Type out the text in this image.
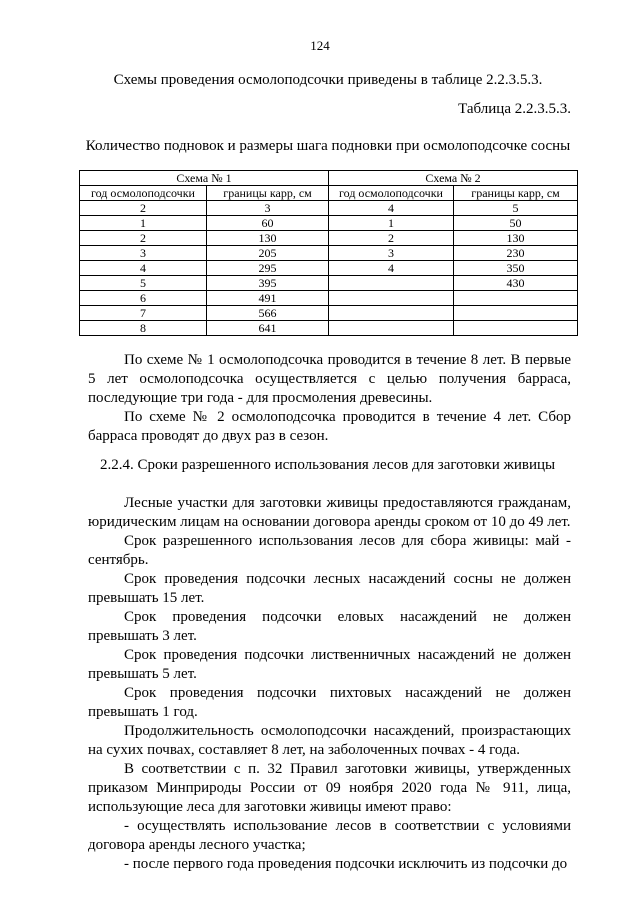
124
Схемы проведения осмолоподсочки приведены в таблице 2.2.3.5.3.
Таблица 2.2.3.5.3.
Количество подновок и размеры шага подновки при осмолоподсочке сосны
Схема № 1		Схема № 2	
год осмолоподсочки	границы карр, см	год осмолоподсочки	границы карр, см
2	3	4	5
1	60	1	50
2	130	2	130
3	205	3	230
4	295	4	350
5	395		430
6	491		
7	566		
8	641		

По схеме № 1 осмолоподсочка проводится в течение 8 лет. В первые 5 лет осмолоподсочка осуществляется с целью получения барраса, последующие три года - для просмоления древесины.

По схеме № 2 осмолоподсочка проводится в течение 4 лет. Сбор барраса проводят до двух раз в сезон.

2.2.4. Сроки разрешенного использования лесов для заготовки живицы

Лесные участки для заготовки живицы предоставляются гражданам, юридическим лицам на основании договора аренды сроком от 10 до 49 лет.

Срок разрешенного использования лесов для сбора живицы: май - сентябрь.

Срок проведения подсочки лесных насаждений сосны не должен превышать 15 лет.

Срок проведения подсочки еловых насаждений не должен превышать 3 лет.

Срок проведения подсочки лиственничных насаждений не должен превышать 5 лет.

Срок проведения подсочки пихтовых насаждений не должен превышать 1 год.

Продолжительность осмолоподсочки насаждений, произрастающих на сухих почвах, составляет 8 лет, на заболоченных почвах - 4 года.

В соответствии с п. 32 Правил заготовки живицы, утвержденных приказом Минприроды России от 09 ноября 2020 года № 911, лица, использующие леса для заготовки живицы имеют право:

- осуществлять использование лесов в соответствии с условиями договора аренды лесного участка;

- после первого года проведения подсочки исключить из подсочки до
